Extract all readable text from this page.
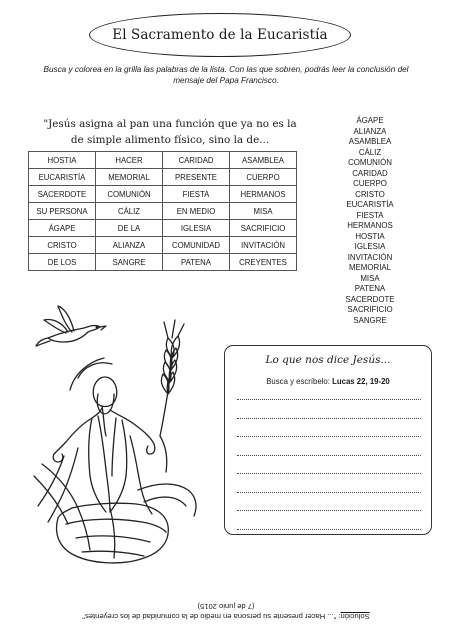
El Sacramento de la Eucaristía
Busca y colorea en la grilla las palabras de la lista. Con las que sobren, podrás leer la conclusión del mensaje del Papa Francisco.
"Jesús asigna al pan una función que ya no es la de simple alimento físico, sino la de...
HOSTIA	HACER	CARIDAD	ASAMBLEA
EUCARISTÍA	MEMORIAL	PRESENTE	CUERPO
SACERDOTE	COMUNIÓN	FIESTA	HERMANOS
SU PERSONA	CÁLIZ	EN MEDIO	MISA
ÁGAPE	DE LA	IGLESIA	SACRIFICIO
CRISTO	ALIANZA	COMUNIDAD	INVITACIÓN
DE LOS	SANGRE	PATENA	CREYENTES
ÁGAPE
ALIANZA
ASAMBLEA
CÁLIZ
COMUNIÓN
CARIDAD
CUERPO
CRISTO
EUCARISTÍA
FIESTA
HERMANOS
HOSTIA
IGLESIA
INVITACIÓN
MEMORIAL
MISA
PATENA
SACERDOTE
SACRIFICIO
SANGRE
Lo que nos dice Jesús...
Busca y escríbelo: Lucas 22, 19-20
Solución: "... Hacer presente su persona en medio de la comunidad de los creyentes"
(7 de junio 2015)
